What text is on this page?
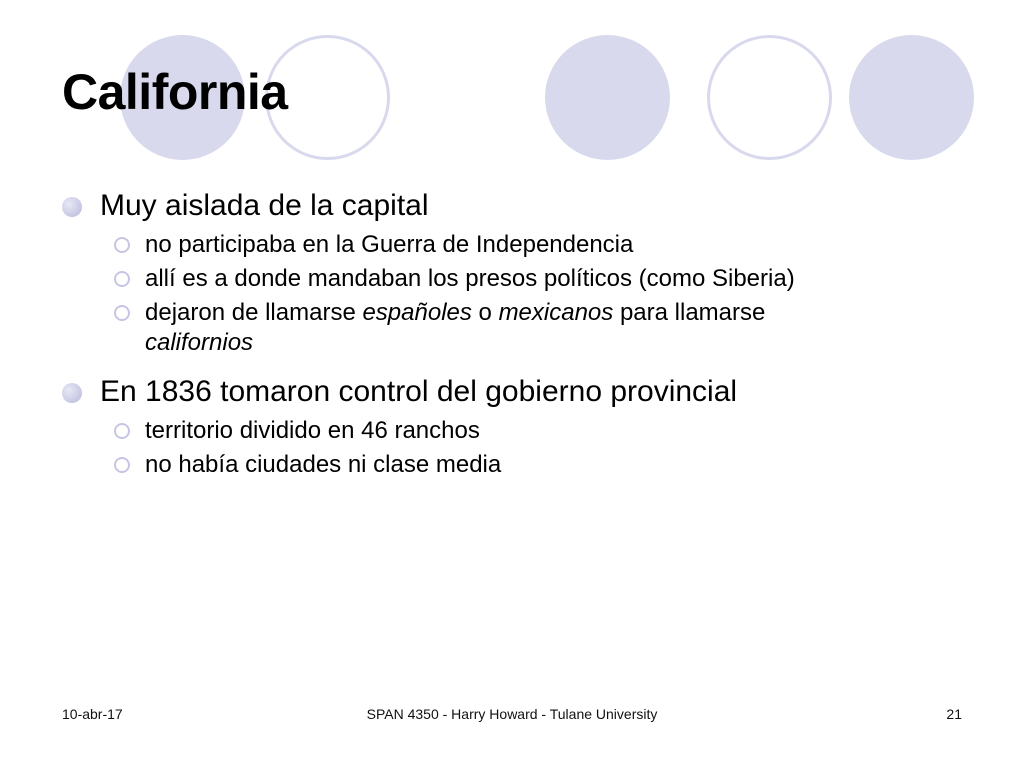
California
Muy aislada de la capital
no participaba en la Guerra de Independencia
allí es a donde mandaban los presos políticos (como Siberia)
dejaron de llamarse españoles o mexicanos para llamarse
californios
En 1836 tomaron control del gobierno provincial
territorio dividido en 46 ranchos
no había ciudades ni clase media
SPAN 4350 - Harry Howard - Tulane University
10-abr-17	21
